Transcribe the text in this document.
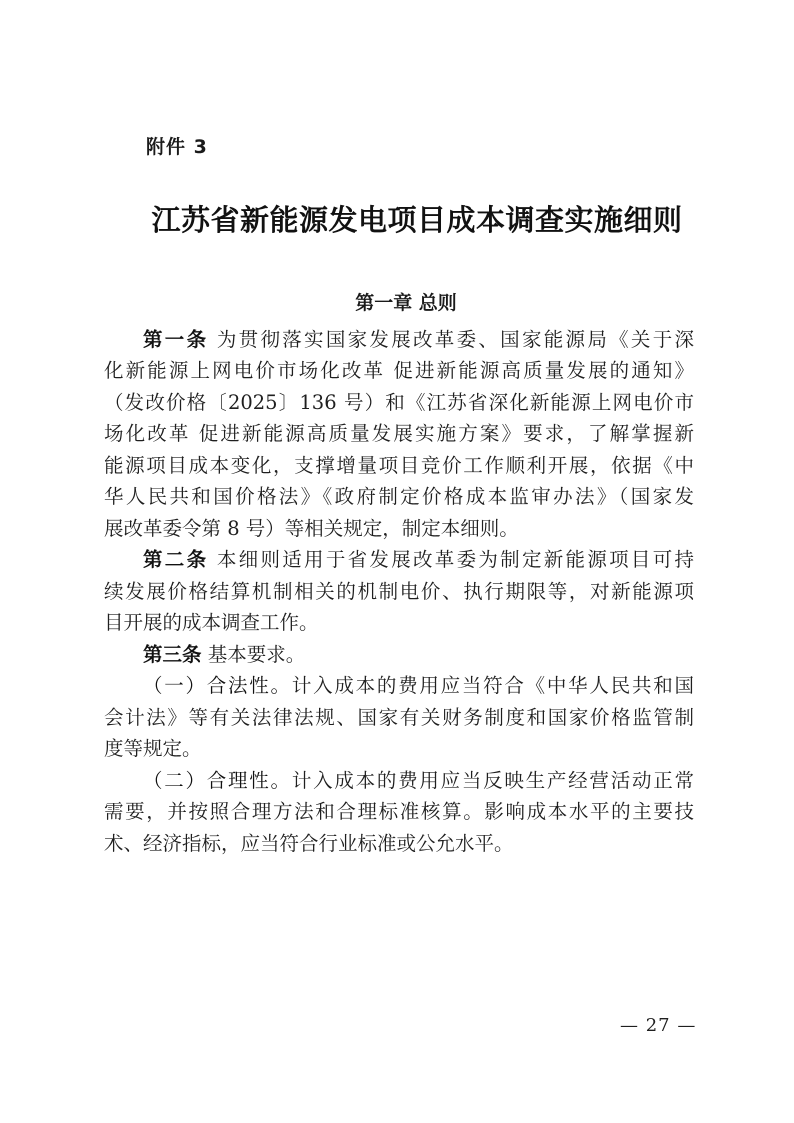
附件 3
江苏省新能源发电项目成本调查实施细则
第一章 总则
第一条 为贯彻落实国家发展改革委、国家能源局《关于深
化新能源上网电价市场化改革 促进新能源高质量发展的通知》
（发改价格〔2025〕136 号）和《江苏省深化新能源上网电价市
场化改革 促进新能源高质量发展实施方案》要求，了解掌握新
能源项目成本变化，支撑增量项目竞价工作顺利开展，依据《中
华人民共和国价格法》《政府制定价格成本监审办法》（国家发
展改革委令第 8 号）等相关规定，制定本细则。
第二条 本细则适用于省发展改革委为制定新能源项目可持
续发展价格结算机制相关的机制电价、执行期限等，对新能源项
目开展的成本调查工作。
第三条 基本要求。
（一）合法性。计入成本的费用应当符合《中华人民共和国
会计法》等有关法律法规、国家有关财务制度和国家价格监管制
度等规定。
（二）合理性。计入成本的费用应当反映生产经营活动正常
需要，并按照合理方法和合理标准核算。影响成本水平的主要技
术、经济指标，应当符合行业标准或公允水平。
— 27 —
